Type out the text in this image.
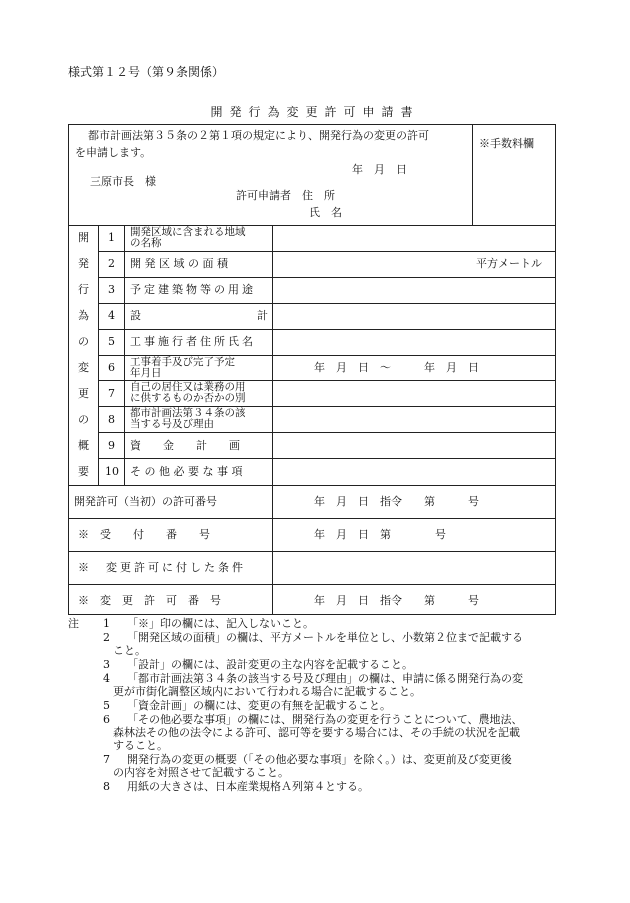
様式第１２号（第９条関係）
開発行為変更許可申請書
都市計画法第３５条の２第１項の規定により、開発行為の変更の許可
を申請します。
※手数料欄
年　月　日
三原市長　様
許可申請者　住　所
氏　名
開
発
行
為
の
変
更
の
概
要
1 開発区域に含まれる地域
の名称
2 開 発 区 域 の 面 積	平方メートル
3 予定建築物等の用途
4 設	計
5 工事施行者住所氏名
6 工事着手及び完了予定
年月日	年　月　日　～　　　年　月　日
7 自己の居住又は業務の用
に供するものか否かの別
8 都市計画法第３４条の該
当する号及び理由
9 資　　金　　計　　画
10 そ の 他 必 要 な 事 項
開発許可（当初）の許可番号	年　月　日　指令　　第　　　号
※　受　　付　　番　　号	年　月　日　第　　　　号
※　変更許可に付した条件
※　変　更　許　可　番　号	年　月　日　指令　　第　　　号
注 1 「※」印の欄には、記入しないこと。
2 「開発区域の面積」の欄は、平方メートルを単位とし、小数第２位まで記載する
こと。
3 「設計」の欄には、設計変更の主な内容を記載すること。
4 「都市計画法第３４条の該当する号及び理由」の欄は、申請に係る開発行為の変
更が市街化調整区域内において行われる場合に記載すること。
5 「資金計画」の欄には、変更の有無を記載すること。
6 「その他必要な事項」の欄には、開発行為の変更を行うことについて、農地法、
森林法その他の法令による許可、認可等を要する場合には、その手続の状況を記載
すること。
7 開発行為の変更の概要（「その他必要な事項」を除く。）は、変更前及び変更後
の内容を対照させて記載すること。
8 用紙の大きさは、日本産業規格Ａ列第４とする。
